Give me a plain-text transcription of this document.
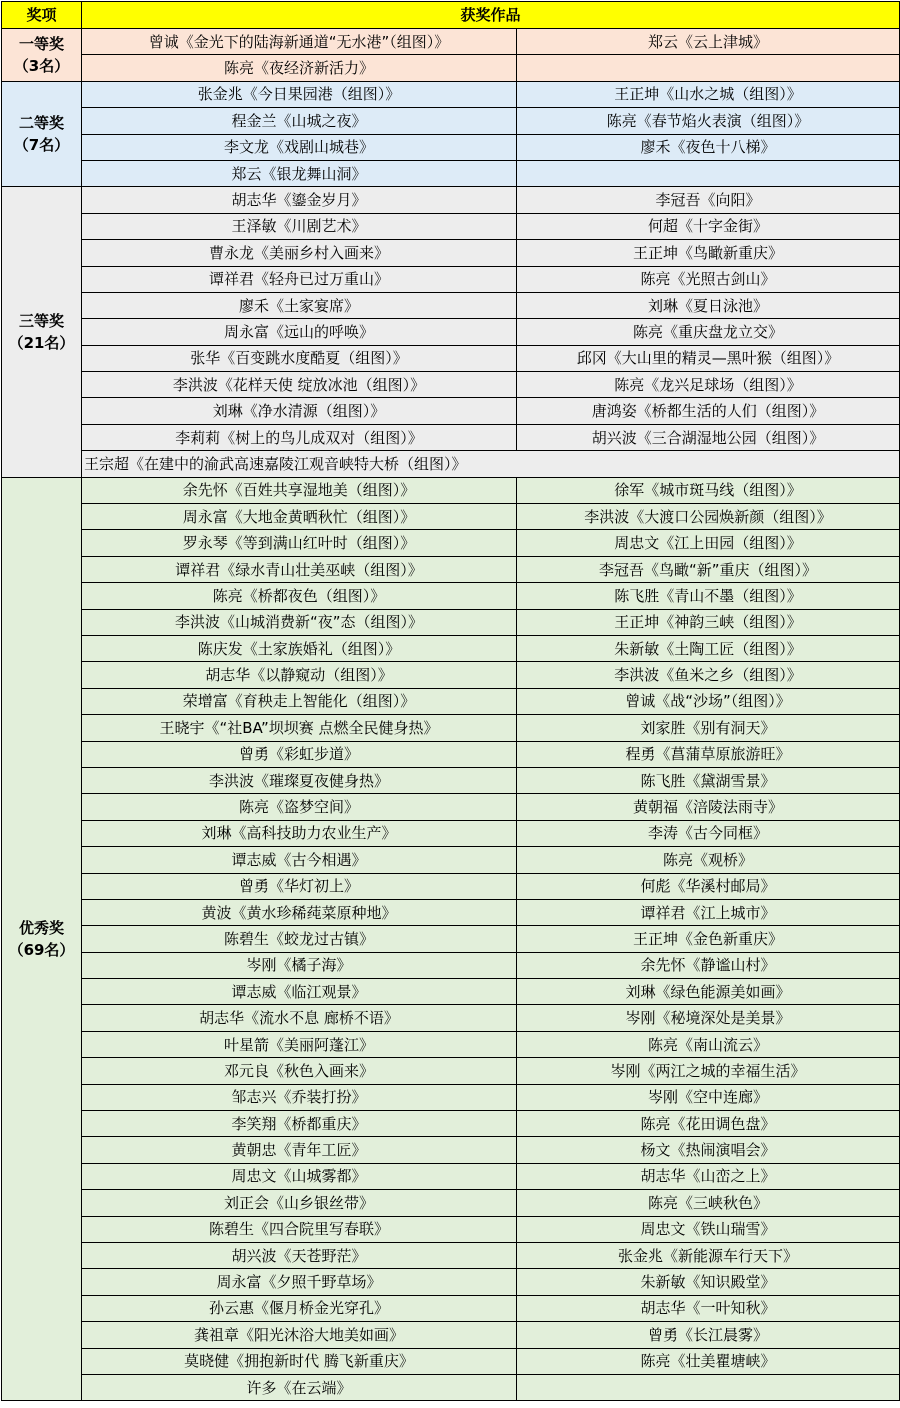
奖项	获奖作品	

一等奖
（3名）	曾诚《金光下的陆海新通道“无水港”（组图）》	郑云《云上津城》
	陈亮《夜经济新活力》	

二等奖
（7名）	张金兆《今日果园港（组图）》	王正坤《山水之城（组图）》
	程金兰《山城之夜》	陈亮《春节焰火表演（组图）》
	李文龙《戏剧山城巷》	廖禾《夜色十八梯》
	郑云《银龙舞山洞》	

三等奖
（21名）	胡志华《鎏金岁月》	李冠吾《向阳》
	王泽敏《川剧艺术》	何超《十字金街》
	曹永龙《美丽乡村入画来》	王正坤《鸟瞰新重庆》
	谭祥君《轻舟已过万重山》	陈亮《光照古剑山》
	廖禾《土家宴席》	刘琳《夏日泳池》
	周永富《远山的呼唤》	陈亮《重庆盘龙立交》
	张华《百变跳水度酷夏（组图）》	邱冈《大山里的精灵—黑叶猴（组图）》
	李洪波《花样天使 绽放冰池（组图）》	陈亮《龙兴足球场（组图）》
	刘琳《净水清源（组图）》	唐鸿姿《桥都生活的人们（组图）》
	李莉莉《树上的鸟儿成双对（组图）》	胡兴波《三合湖湿地公园（组图）》
	王宗超《在建中的渝武高速嘉陵江观音峡特大桥（组图）》	

优秀奖
（69名）	余先怀《百姓共享湿地美（组图）》	徐军《城市斑马线（组图）》
	周永富《大地金黄晒秋忙（组图）》	李洪波《大渡口公园焕新颜（组图）》
	罗永琴《等到满山红叶时（组图）》	周忠文《江上田园（组图）》
	谭祥君《绿水青山壮美巫峡（组图）》	李冠吾《鸟瞰“新”重庆（组图）》
	陈亮《桥都夜色（组图）》	陈飞胜《青山不墨（组图）》
	李洪波《山城消费新“夜”态（组图）》	王正坤《神韵三峡（组图）》
	陈庆发《土家族婚礼（组图）》	朱新敏《土陶工匠（组图）》
	胡志华《以静窥动（组图）》	李洪波《鱼米之乡（组图）》
	荣增富《育秧走上智能化（组图）》	曾诚《战“沙场”（组图）》
	王晓宇《“社BA”坝坝赛 点燃全民健身热》	刘家胜《别有洞天》
	曾勇《彩虹步道》	程勇《菖蒲草原旅游旺》
	李洪波《璀璨夏夜健身热》	陈飞胜《黛湖雪景》
	陈亮《盗梦空间》	黄朝福《涪陵法雨寺》
	刘琳《高科技助力农业生产》	李涛《古今同框》
	谭志威《古今相遇》	陈亮《观桥》
	曾勇《华灯初上》	何彪《华溪村邮局》
	黄波《黄水珍稀莼菜原种地》	谭祥君《江上城市》
	陈碧生《蛟龙过古镇》	王正坤《金色新重庆》
	岑刚《橘子海》	余先怀《静谧山村》
	谭志威《临江观景》	刘琳《绿色能源美如画》
	胡志华《流水不息 廊桥不语》	岑刚《秘境深处是美景》
	叶星箭《美丽阿蓬江》	陈亮《南山流云》
	邓元良《秋色入画来》	岑刚《两江之城的幸福生活》
	邹志兴《乔装打扮》	岑刚《空中连廊》
	李笑翔《桥都重庆》	陈亮《花田调色盘》
	黄朝忠《青年工匠》	杨文《热闹演唱会》
	周忠文《山城雾都》	胡志华《山峦之上》
	刘正会《山乡银丝带》	陈亮《三峡秋色》
	陈碧生《四合院里写春联》	周忠文《铁山瑞雪》
	胡兴波《天苍野茫》	张金兆《新能源车行天下》
	周永富《夕照千野草场》	朱新敏《知识殿堂》
	孙云惠《偃月桥金光穿孔》	胡志华《一叶知秋》
	龚祖章《阳光沐浴大地美如画》	曾勇《长江晨雾》
	莫晓健《拥抱新时代 腾飞新重庆》	陈亮《壮美瞿塘峡》
	许多《在云端》	
